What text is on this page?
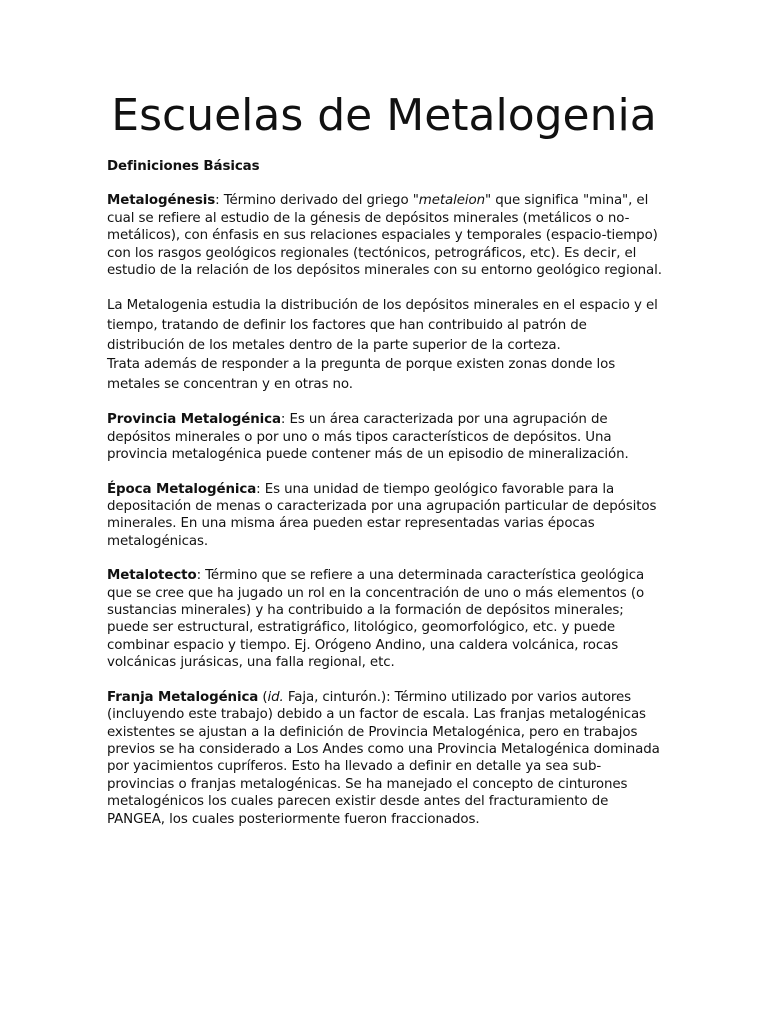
Escuelas de Metalogenia

Definiciones Básicas

Metalogénesis: Término derivado del griego "metaleion" que significa "mina", el cual se refiere al estudio de la génesis de depósitos minerales (metálicos o no-metálicos), con énfasis en sus relaciones espaciales y temporales (espacio-tiempo) con los rasgos geológicos regionales (tectónicos, petrográficos, etc). Es decir, el estudio de la relación de los depósitos minerales con su entorno geológico regional.

La Metalogenia estudia la distribución de los depósitos minerales en el espacio y el tiempo, tratando de definir los factores que han contribuido al patrón de distribución de los metales dentro de la parte superior de la corteza.

Trata además de responder a la pregunta de porque existen zonas donde los metales se concentran y en otras no.

Provincia Metalogénica: Es un área caracterizada por una agrupación de depósitos minerales o por uno o más tipos característicos de depósitos. Una provincia metalogénica puede contener más de un episodio de mineralización.

Época Metalogénica: Es una unidad de tiempo geológico favorable para la depositación de menas o caracterizada por una agrupación particular de depósitos minerales. En una misma área pueden estar representadas varias épocas metalogénicas.

Metalotecto: Término que se refiere a una determinada característica geológica que se cree que ha jugado un rol en la concentración de uno o más elementos (o sustancias minerales) y ha contribuido a la formación de depósitos minerales; puede ser estructural, estratigráfico, litológico, geomorfológico, etc. y puede combinar espacio y tiempo. Ej. Orógeno Andino, una caldera volcánica, rocas volcánicas jurásicas, una falla regional, etc.

Franja Metalogénica (id. Faja, cinturón.): Término utilizado por varios autores (incluyendo este trabajo) debido a un factor de escala. Las franjas metalogénicas existentes se ajustan a la definición de Provincia Metalogénica, pero en trabajos previos se ha considerado a Los Andes como una Provincia Metalogénica dominada por yacimientos cupríferos. Esto ha llevado a definir en detalle ya sea sub-provincias o franjas metalogénicas. Se ha manejado el concepto de cinturones metalogénicos los cuales parecen existir desde antes del fracturamiento de PANGEA, los cuales posteriormente fueron fraccionados.
